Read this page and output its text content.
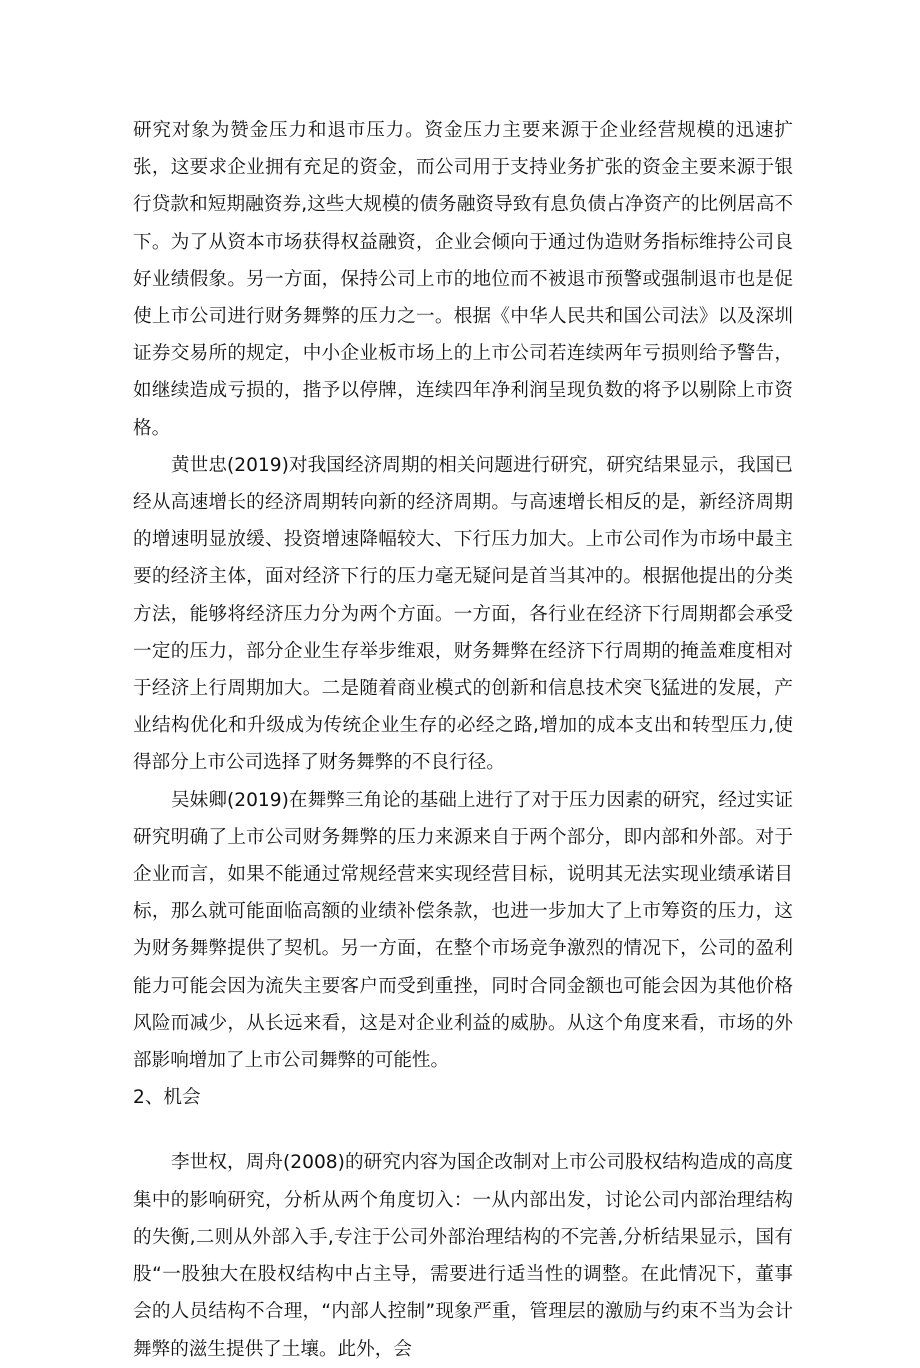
研究对象为赞金压力和退市压力。资金压力主要来源于企业经营规模的迅速扩张，这要求企业拥有充足的资金，而公司用于支持业务扩张的资金主要来源于银行贷款和短期融资券,这些大规模的债务融资导致有息负债占净资产的比例居高不下。为了从资本市场获得权益融资，企业会倾向于通过伪造财务指标维持公司良好业绩假象。另一方面，保持公司上市的地位而不被退市预警或强制退市也是促使上市公司进行财务舞弊的压力之一。根据《中华人民共和国公司法》以及深圳证券交易所的规定，中小企业板市场上的上市公司若连续两年亏损则给予警告，如继续造成亏损的，揩予以停牌，连续四年净利润呈现负数的将予以剔除上市资格。

黄世忠(2019)对我国经济周期的相关问题进行研究，研究结果显示，我国已经从高速增长的经济周期转向新的经济周期。与高速增长相反的是，新经济周期的增速明显放缓、投资增速降幅较大、下行压力加大。上市公司作为市场中最主要的经济主体，面对经济下行的压力毫无疑问是首当其冲的。根据他提出的分类方法，能够将经济压力分为两个方面。一方面，各行业在经济下行周期都会承受一定的压力，部分企业生存举步维艰，财务舞弊在经济下行周期的掩盖难度相对于经济上行周期加大。二是随着商业模式的创新和信息技术突飞猛进的发展，产业结构优化和升级成为传统企业生存的必经之路,增加的成本支出和转型压力,使得部分上市公司选择了财务舞弊的不良行径。

吴妹卿(2019)在舞弊三角论的基础上进行了对于压力因素的研究，经过实证研究明确了上市公司财务舞弊的压力来源来自于两个部分，即内部和外部。对于企业而言，如果不能通过常规经营来实现经营目标，说明其无法实现业绩承诺目标，那么就可能面临高额的业绩补偿条款，也进一步加大了上市筹资的压力，这为财务舞弊提供了契机。另一方面，在整个市场竞争激烈的情况下，公司的盈利能力可能会因为流失主要客户而受到重挫，同时合同金额也可能会因为其他价格风险而减少，从长远来看，这是对企业利益的威胁。从这个角度来看，市场的外部影响增加了上市公司舞弊的可能性。

2、机会

李世权，周舟(2008)的研究内容为国企改制对上市公司股权结构造成的高度集中的影响研究，分析从两个角度切入：一从内部出发，讨论公司内部治理结构的失衡,二则从外部入手,专注于公司外部治理结构的不完善,分析结果显示，国有股“一股独大在股权结构中占主导，需要进行适当性的调整。在此情况下，董事会的人员结构不合理，“内部人控制”现象严重，管理层的激励与约束不当为会计舞弊的滋生提供了土壤。此外，会
